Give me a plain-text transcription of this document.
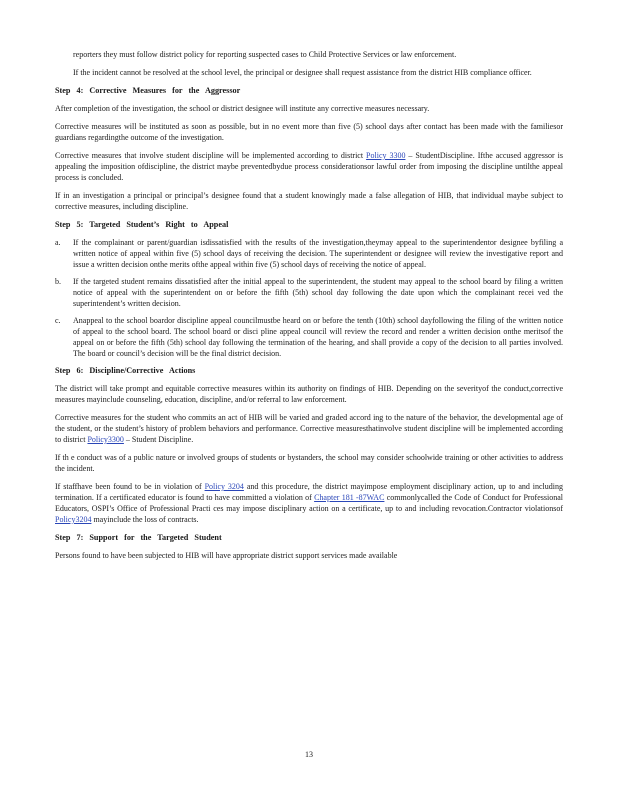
reporters they must follow district policy for reporting suspected cases to Child Protective Services or law enforcement.

If the incident cannot be resolved at the school level, the principal or designee shall request assistance from the district HIB compliance officer.

Step 4: Corrective Measures for the Aggressor

After completion of the investigation, the school or district designee will institute any corrective measures necessary.

Corrective measures will be instituted as soon as possible, but in no event more than five (5) school days after contact has been made with the familiesor guardians regardingthe outcome of the investigation.

Corrective measures that involve student discipline will be implemented according to district Policy 3300 – StudentDiscipline. Ifthe accused aggressor is appealing the imposition ofdiscipline, the district maybe preventedbydue process considerationsor lawful order from imposing the discipline untilthe appeal process is concluded.

If in an investigation a principal or principal’s designee found that a student knowingly made a false allegation of HIB, that individual maybe subject to corrective measures, including discipline.

Step 5: Targeted Student’s Right to Appeal
a. If the complainant or parent/guardian isdissatisfied with the results of the investigation,theymay appeal to the superintendentor designee byfiling a written notice of appeal within five (5) school days of receiving the decision. The superintendent or designee will review the investigative report and issue a written decision onthe merits ofthe appeal within five (5) school days of receiving the notice of appeal.
b. If the targeted student remains dissatisfied after the initial appeal to the superintendent, the student may appeal to the school board by filing a written notice of appeal with the superintendent on or before the fifth (5th) school day following the date upon which the complainant recei ved the superintendent’s written decision.
c. Anappeal to the school boardor discipline appeal councilmustbe heard on or before the tenth (10th) school dayfollowing the filing of the written notice of appeal to the school board. The school board or disci pline appeal council will review the record and render a written decision onthe meritsof the appeal on or before the fifth (5th) school day following the termination of the hearing, and shall provide a copy of the decision to all parties involved. The board or council’s decision will be the final district decision.
Step 6: Discipline/Corrective Actions

The district will take prompt and equitable corrective measures within its authority on findings of HIB. Depending on the severityof the conduct,corrective measures mayinclude counseling, education, discipline, and/or referral to law enforcement.

Corrective measures for the student who commits an act of HIB will be varied and graded accord ing to the nature of the behavior, the developmental age of the student, or the student’s history of problem behaviors and performance. Corrective measuresthatinvolve student discipline will be implemented according to district Policy3300 – Student Discipline.

If th e conduct was of a public nature or involved groups of students or bystanders, the school may consider schoolwide training or other activities to address the incident.

If staffhave been found to be in violation of Policy 3204 and this procedure, the district mayimpose employment disciplinary action, up to and including termination. If a certificated educator is found to have committed a violation of Chapter 181 -87WAC commonlycalled the Code of Conduct for Professional Educators, OSPI’s Office of Professional Practi ces may impose disciplinary action on a certificate, up to and including revocation.Contractor violationsof Policy3204 mayinclude the loss of contracts.

Step 7: Support for the Targeted Student

Persons found to have been subjected to HIB will have appropriate district support services made available

13
